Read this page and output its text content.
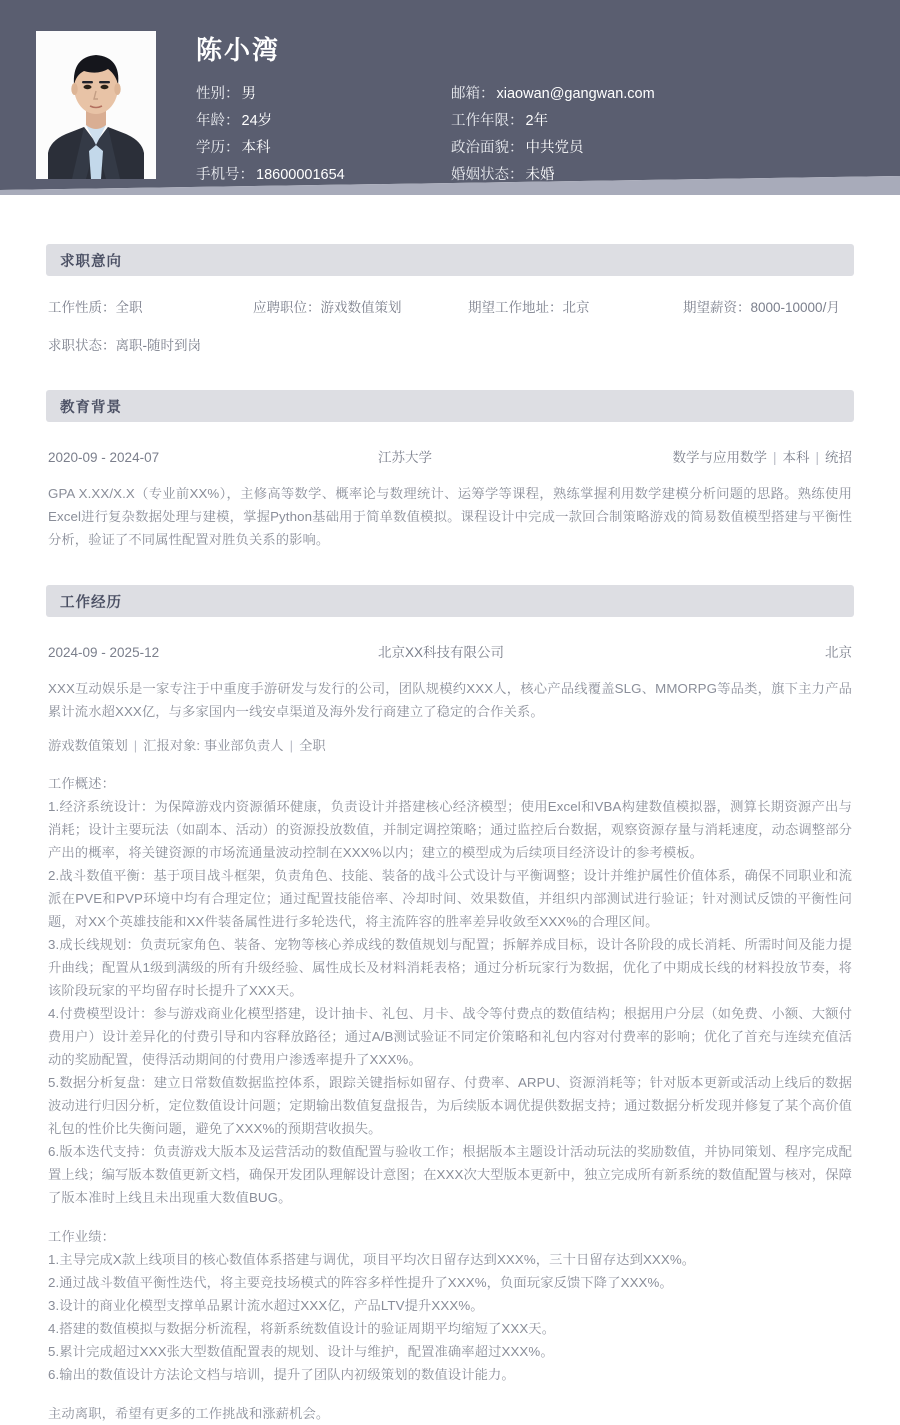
陈小湾
性别： 男	邮箱： xiaowan@gangwan.com
年龄： 24岁	工作年限： 2年
学历： 本科	政治面貌： 中共党员
手机号： 18600001654	婚姻状态： 未婚
求职意向
工作性质：全职	应聘职位：游戏数值策划	期望工作地址：北京	期望薪资：8000-10000/月
求职状态：离职-随时到岗
教育背景
2020-09 - 2024-07	江苏大学	数学与应用数学 | 本科 | 统招
GPA X.XX/X.X（专业前XX%），主修高等数学、概率论与数理统计、运筹学等课程，熟练掌握利用数学建模分析问题的思路。熟练使用Excel进行复杂数据处理与建模，掌握Python基础用于简单数值模拟。课程设计中完成一款回合制策略游戏的简易数值模型搭建与平衡性分析，验证了不同属性配置对胜负关系的影响。
工作经历
2024-09 - 2025-12	北京XX科技有限公司	北京
XXX互动娱乐是一家专注于中重度手游研发与发行的公司，团队规模约XXX人，核心产品线覆盖SLG、MMORPG等品类，旗下主力产品累计流水超XXX亿，与多家国内一线安卓渠道及海外发行商建立了稳定的合作关系。
游戏数值策划 | 汇报对象: 事业部负责人 | 全职

工作概述：

1.经济系统设计：为保障游戏内资源循环健康，负责设计并搭建核心经济模型；使用Excel和VBA构建数值模拟器，测算长期资源产出与消耗；设计主要玩法（如副本、活动）的资源投放数值，并制定调控策略；通过监控后台数据，观察资源存量与消耗速度，动态调整部分产出的概率，将关键资源的市场流通量波动控制在XXX%以内；建立的模型成为后续项目经济设计的参考模板。

2.战斗数值平衡：基于项目战斗框架，负责角色、技能、装备的战斗公式设计与平衡调整；设计并维护属性价值体系，确保不同职业和流派在PVE和PVP环境中均有合理定位；通过配置技能倍率、冷却时间、效果数值，并组织内部测试进行验证；针对测试反馈的平衡性问题，对XX个英雄技能和XX件装备属性进行多轮迭代，将主流阵容的胜率差异收敛至XXX%的合理区间。

3.成长线规划：负责玩家角色、装备、宠物等核心养成线的数值规划与配置；拆解养成目标，设计各阶段的成长消耗、所需时间及能力提升曲线；配置从1级到满级的所有升级经验、属性成长及材料消耗表格；通过分析玩家行为数据，优化了中期成长线的材料投放节奏，将该阶段玩家的平均留存时长提升了XXX天。

4.付费模型设计：参与游戏商业化模型搭建，设计抽卡、礼包、月卡、战令等付费点的数值结构；根据用户分层（如免费、小额、大额付费用户）设计差异化的付费引导和内容释放路径；通过A/B测试验证不同定价策略和礼包内容对付费率的影响；优化了首充与连续充值活动的奖励配置，使得活动期间的付费用户渗透率提升了XXX%。

5.数据分析复盘：建立日常数值数据监控体系，跟踪关键指标如留存、付费率、ARPU、资源消耗等；针对版本更新或活动上线后的数据波动进行归因分析，定位数值设计问题；定期输出数值复盘报告，为后续版本调优提供数据支持；通过数据分析发现并修复了某个高价值礼包的性价比失衡问题，避免了XXX%的预期营收损失。

6.版本迭代支持：负责游戏大版本及运营活动的数值配置与验收工作；根据版本主题设计活动玩法的奖励数值，并协同策划、程序完成配置上线；编写版本数值更新文档，确保开发团队理解设计意图；在XXX次大型版本更新中，独立完成所有新系统的数值配置与核对，保障了版本准时上线且未出现重大数值BUG。

工作业绩：

1.主导完成X款上线项目的核心数值体系搭建与调优，项目平均次日留存达到XXX%，三十日留存达到XXX%。

2.通过战斗数值平衡性迭代，将主要竞技场模式的阵容多样性提升了XXX%，负面玩家反馈下降了XXX%。

3.设计的商业化模型支撑单品累计流水超过XXX亿，产品LTV提升XXX%。

4.搭建的数值模拟与数据分析流程，将新系统数值设计的验证周期平均缩短了XXX天。

5.累计完成超过XXX张大型数值配置表的规划、设计与维护，配置准确率超过XXX%。

6.输出的数值设计方法论文档与培训，提升了团队内初级策划的数值设计能力。

主动离职，希望有更多的工作挑战和涨薪机会。
